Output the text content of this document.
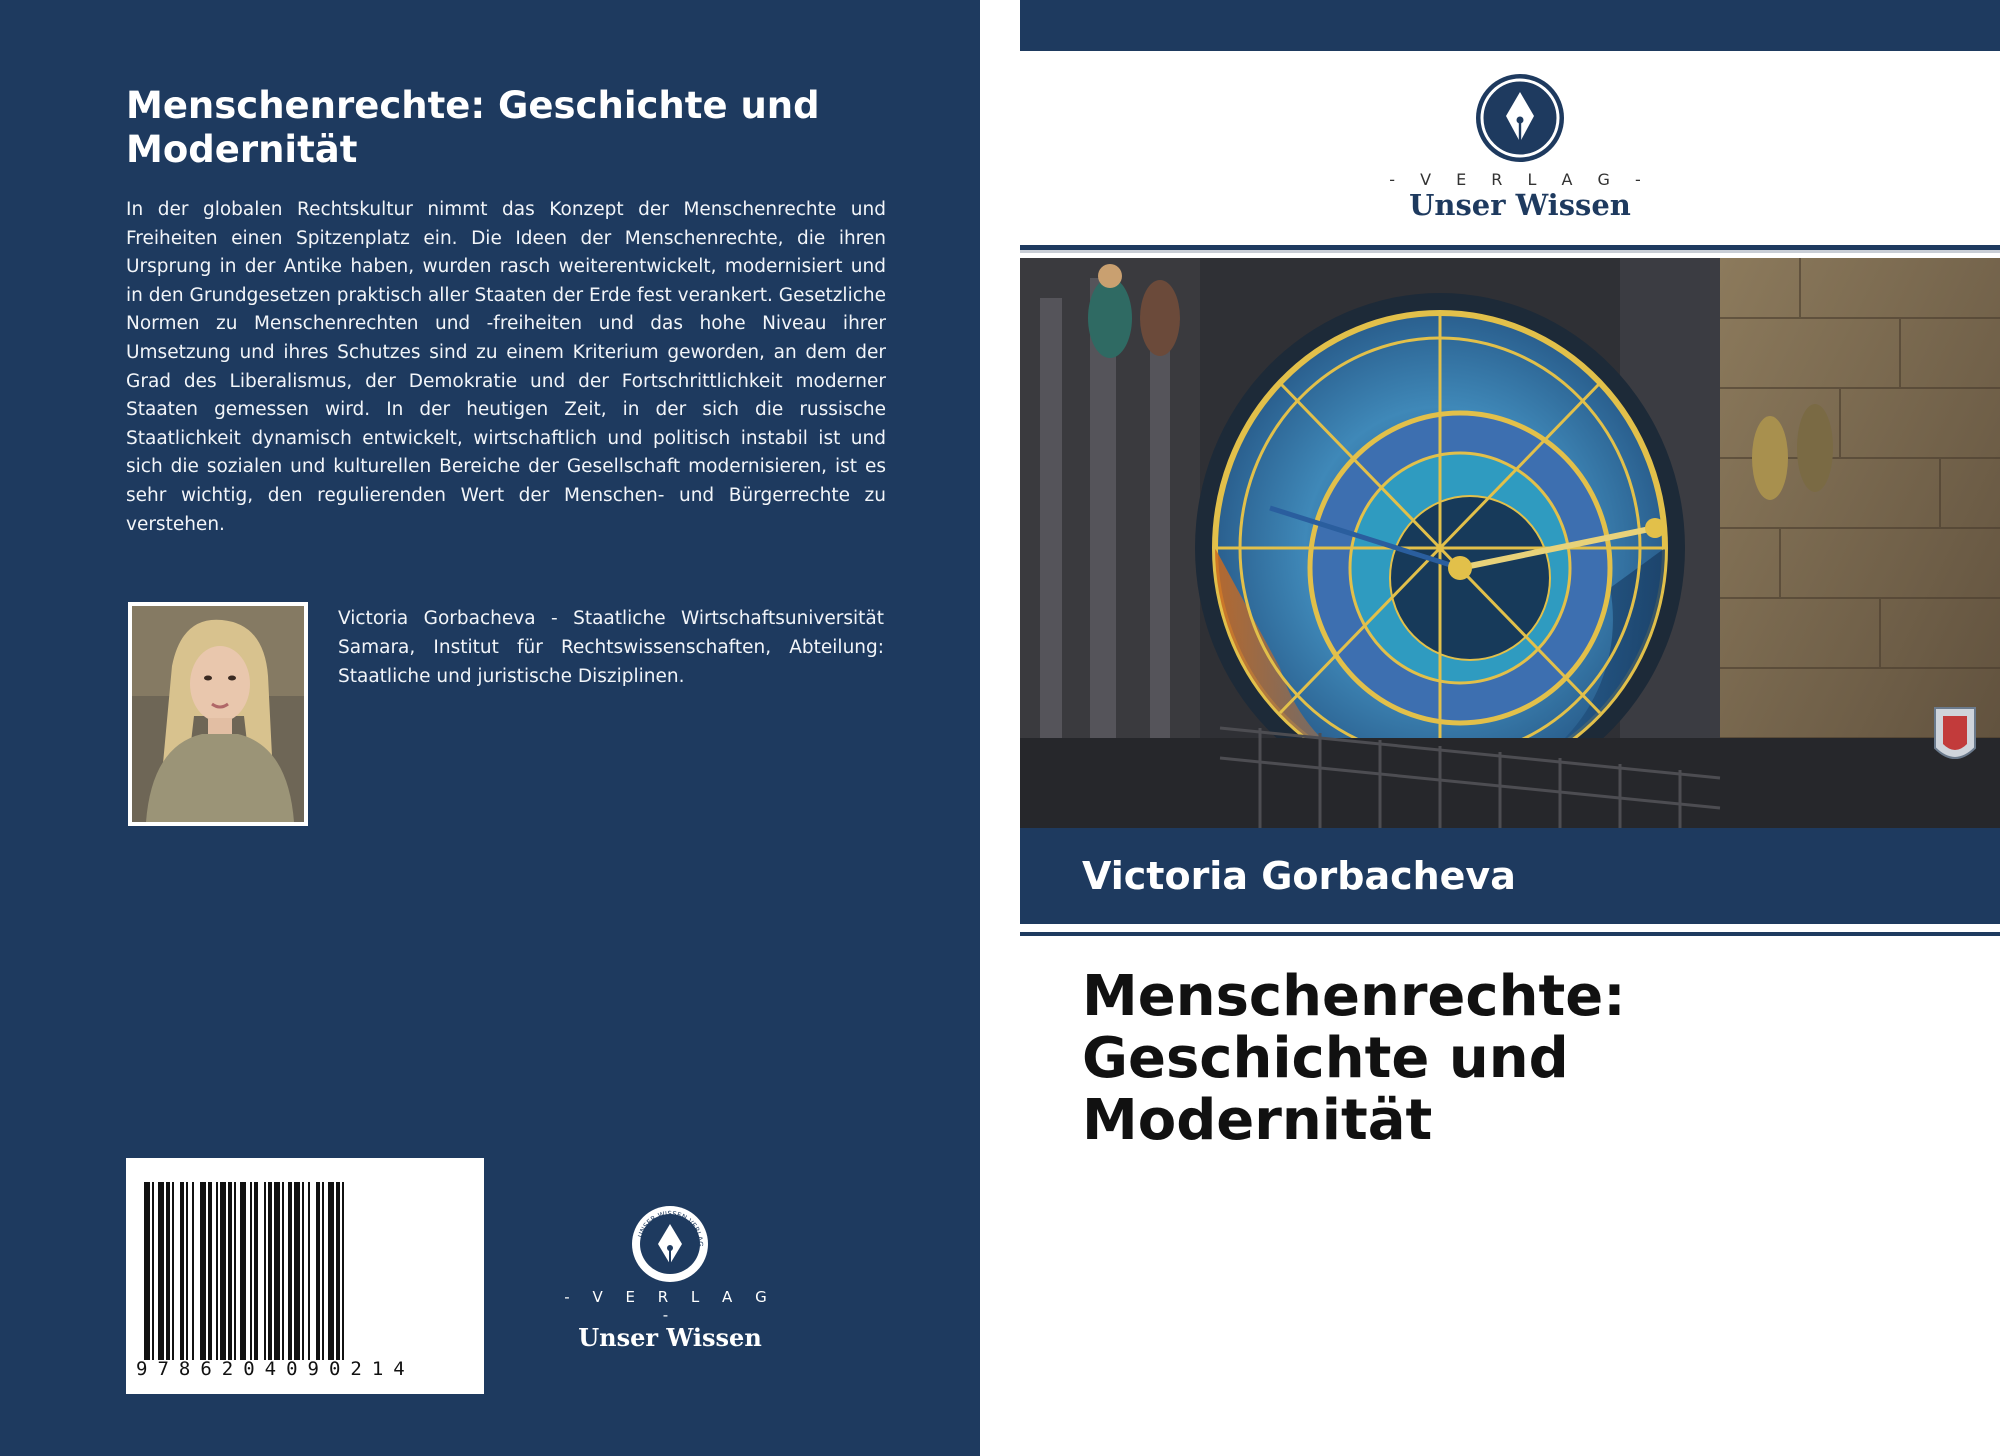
Menschenrechte: Geschichte und Modernität

In der globalen Rechtskultur nimmt das Konzept der Menschenrechte und Freiheiten einen Spitzenplatz ein. Die Ideen der Menschenrechte, die ihren Ursprung in der Antike haben, wurden rasch weiterentwickelt, modernisiert und in den Grundgesetzen praktisch aller Staaten der Erde fest verankert. Gesetzliche Normen zu Menschenrechten und -freiheiten und das hohe Niveau ihrer Umsetzung und ihres Schutzes sind zu einem Kriterium geworden, an dem der Grad des Liberalismus, der Demokratie und der Fortschrittlichkeit moderner Staaten gemessen wird. In der heutigen Zeit, in der sich die russische Staatlichkeit dynamisch entwickelt, wirtschaftlich und politisch instabil ist und sich die sozialen und kulturellen Bereiche der Gesellschaft modernisieren, ist es sehr wichtig, den regulierenden Wert der Menschen- und Bürgerrechte zu verstehen.

Victoria Gorbacheva - Staatliche Wirtschaftsuniversität Samara, Institut für Rechtswissenschaften, Abteilung: Staatliche und juristische Disziplinen.

9786204090214
UNSER WISSEN VERLAG
- V E R L A G -
Unser Wissen
- V E R L A G -
Unser Wissen
Victoria Gorbacheva
Menschenrechte:
Geschichte und
Modernität
